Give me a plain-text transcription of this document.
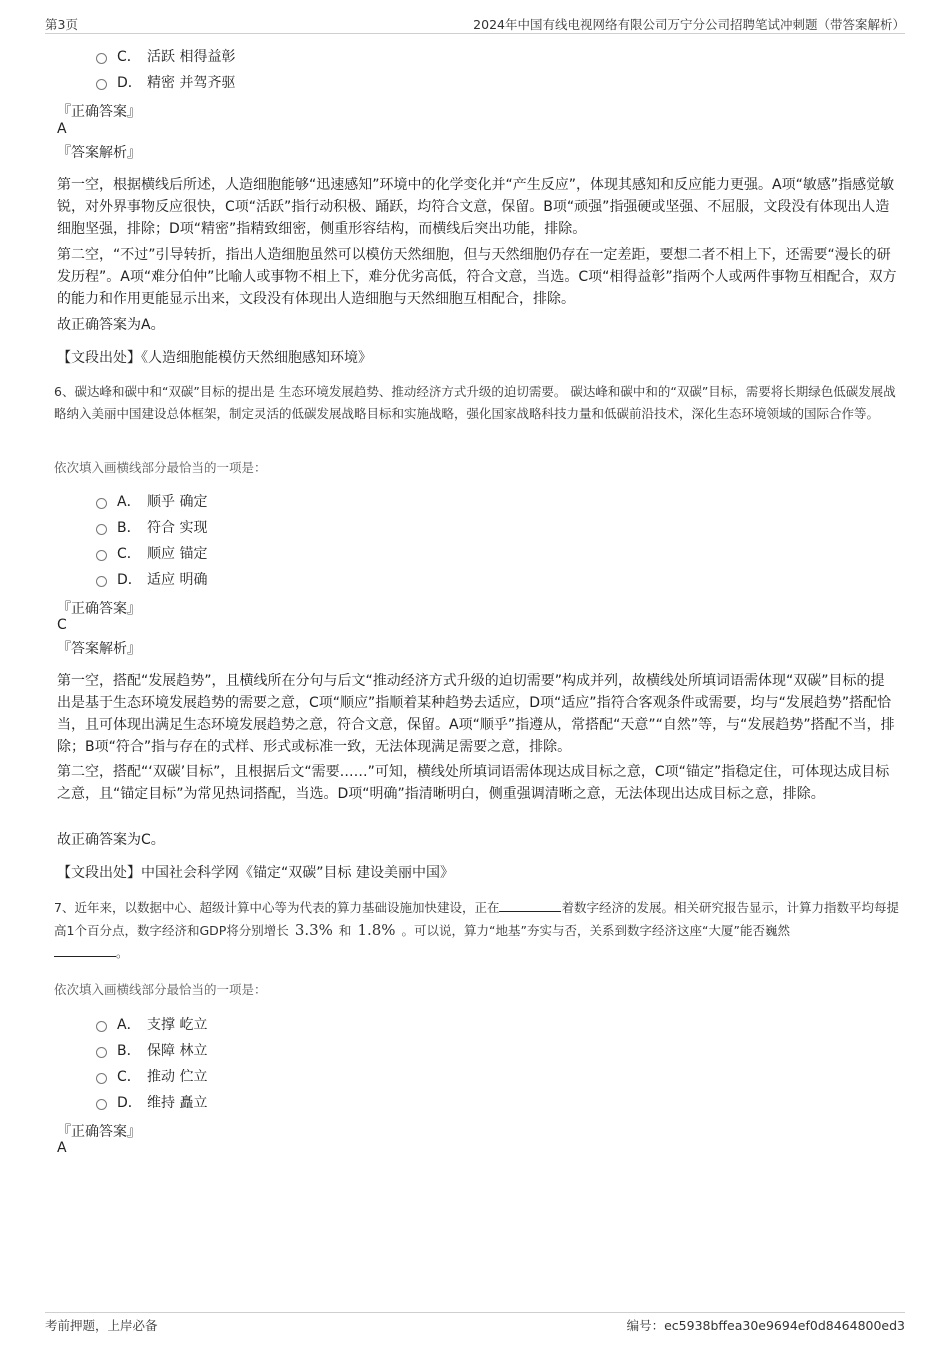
第3页	2024年中国有线电视网络有限公司万宁分公司招聘笔试冲刺题（带答案解析）
C． 活跃 相得益彰
D． 精密 并驾齐驱
『正确答案』
A
『答案解析』
第一空，根据横线后所述，人造细胞能够“迅速感知”环境中的化学变化并“产生反应”，体现其感知和反应能力更强。A项“敏感”指感觉敏锐，对外界事物反应很快，C项“活跃”指行动积极、踊跃，均符合文意，保留。B项“顽强”指强硬或坚强、不屈服，文段没有体现出人造细胞坚强，排除；D项“精密”指精致细密，侧重形容结构，而横线后突出功能，排除。
第二空，“不过”引导转折，指出人造细胞虽然可以模仿天然细胞，但与天然细胞仍存在一定差距，要想二者不相上下，还需要“漫长的研发历程”。A项“难分伯仲”比喻人或事物不相上下，难分优劣高低，符合文意，当选。C项“相得益彰”指两个人或两件事物互相配合，双方的能力和作用更能显示出来，文段没有体现出人造细胞与天然细胞互相配合，排除。
故正确答案为A。
【文段出处】《人造细胞能模仿天然细胞感知环境》
6、碳达峰和碳中和“双碳”目标的提出是 生态环境发展趋势、推动经济方式升级的迫切需要。 碳达峰和碳中和的“双碳”目标，需要将长期绿色低碳发展战略纳入美丽中国建设总体框架，制定灵活的低碳发展战略目标和实施战略，强化国家战略科技力量和低碳前沿技术，深化生态环境领域的国际合作等。
依次填入画横线部分最恰当的一项是：
A． 顺乎 确定
B． 符合 实现
C． 顺应 锚定
D． 适应 明确
『正确答案』
C
『答案解析』
第一空，搭配“发展趋势”，且横线所在分句与后文“推动经济方式升级的迫切需要”构成并列，故横线处所填词语需体现“双碳”目标的提出是基于生态环境发展趋势的需要之意，C项“顺应”指顺着某种趋势去适应，D项“适应”指符合客观条件或需要，均与“发展趋势”搭配恰当，且可体现出满足生态环境发展趋势之意，符合文意，保留。A项“顺乎”指遵从，常搭配“天意”“自然”等，与“发展趋势”搭配不当，排除；B项“符合”指与存在的式样、形式或标准一致，无法体现满足需要之意，排除。
第二空，搭配“‘双碳’目标”，且根据后文“需要……”可知，横线处所填词语需体现达成目标之意，C项“锚定”指稳定住，可体现达成目标之意，且“锚定目标”为常见热词搭配，当选。D项“明确”指清晰明白，侧重强调清晰之意，无法体现出达成目标之意，排除。
故正确答案为C。
【文段出处】中国社会科学网《锚定“双碳”目标 建设美丽中国》
7、近年来，以数据中心、超级计算中心等为代表的算力基础设施加快建设，正在	着数字经济的发展。相关研究报告显示，计算力指数平均每提高1个百分点，数字经济和GDP将分别增长 3.3% 和 1.8% 。可以说，算力“地基”夯实与否，关系到数字经济这座“大厦”能否巍然
。
依次填入画横线部分最恰当的一项是：
A． 支撑 屹立
B． 保障 林立
C． 推动 伫立
D． 维持 矗立
『正确答案』
A
考前押题，上岸必备	编号：ec5938bffea30e9694ef0d8464800ed3
